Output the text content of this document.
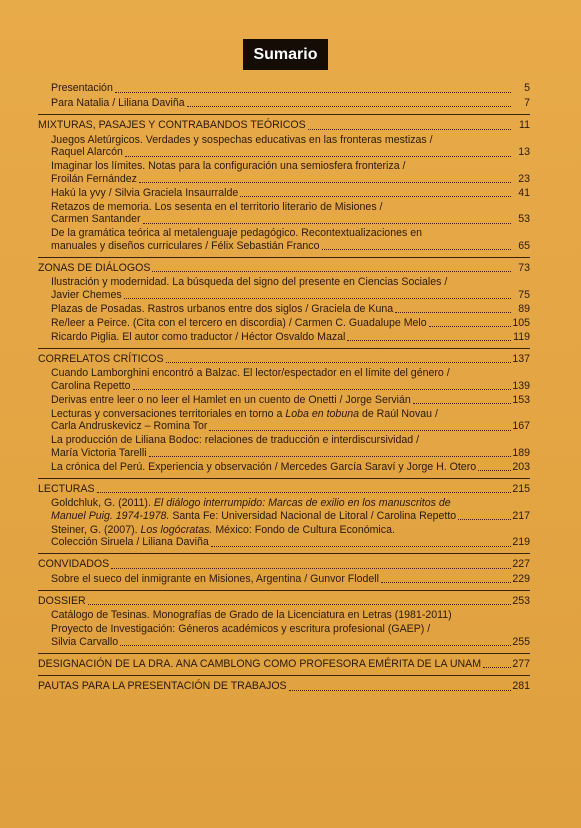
Sumario
Presentación	5
Para Natalia / Liliana Daviña	7
MIXTURAS, PASAJES Y CONTRABANDOS TEÓRICOS	11
Juegos Aletúrgicos. Verdades y sospechas educativas en las fronteras mestizas /
Raquel Alarcón	13
Imaginar los límites. Notas para la configuración una semiosfera fronteriza /
Froilán Fernández	23
Hakú la yvy / Silvia Graciela Insaurralde	41
Retazos de memoria. Los sesenta en el territorio literario de Misiones /
Carmen Santander	53
De la gramática teórica al metalenguaje pedagógico. Recontextualizaciones en
manuales y diseños curriculares / Félix Sebastián Franco	65
ZONAS DE DIÁLOGOS	73
Ilustración y modernidad. La búsqueda del signo del presente en Ciencias Sociales /
Javier Chemes	75
Plazas de Posadas. Rastros urbanos entre dos siglos / Graciela de Kuna	89
Re/leer a Peirce. (Cita con el tercero en discordia) / Carmen C. Guadalupe Melo	105
Ricardo Piglia. El autor como traductor / Héctor Osvaldo Mazal	119
CORRELATOS CRÍTICOS	137
Cuando Lamborghini encontró a Balzac. El lector/espectador en el límite del género /
Carolina Repetto	139
Derivas entre leer o no leer el Hamlet en un cuento de Onetti / Jorge Servián	153
Lecturas y conversaciones territoriales en torno a Loba en tobuna de Raúl Novau /
Carla Andruskevicz – Romina Tor	167
La producción de Liliana Bodoc: relaciones de traducción e interdiscursividad /
María Victoria Tarelli	189
La crónica del Perú. Experiencia y observación / Mercedes García Saraví y Jorge H. Otero	203
LECTURAS	215
Goldchluk, G. (2011). El diálogo interrumpido: Marcas de exilio en los manuscritos de
Manuel Puig. 1974-1978. Santa Fe: Universidad Nacional de Litoral / Carolina Repetto	217
Steiner, G. (2007). Los logócratas. México: Fondo de Cultura Económica.
Colección Siruela / Liliana Daviña	219
CONVIDADOS	227
Sobre el sueco del inmigrante en Misiones, Argentina / Gunvor Flodell	229
DOSSIER	253
Catálogo de Tesinas. Monografías de Grado de la Licenciatura en Letras (1981-2011)
Proyecto de Investigación: Géneros académicos y escritura profesional (GAEP) /
Silvia Carvallo	255
DESIGNACIÓN DE LA DRA. ANA CAMBLONG COMO PROFESORA EMÉRITA DE LA UNAM	277
PAUTAS PARA LA PRESENTACIÓN DE TRABAJOS	281
